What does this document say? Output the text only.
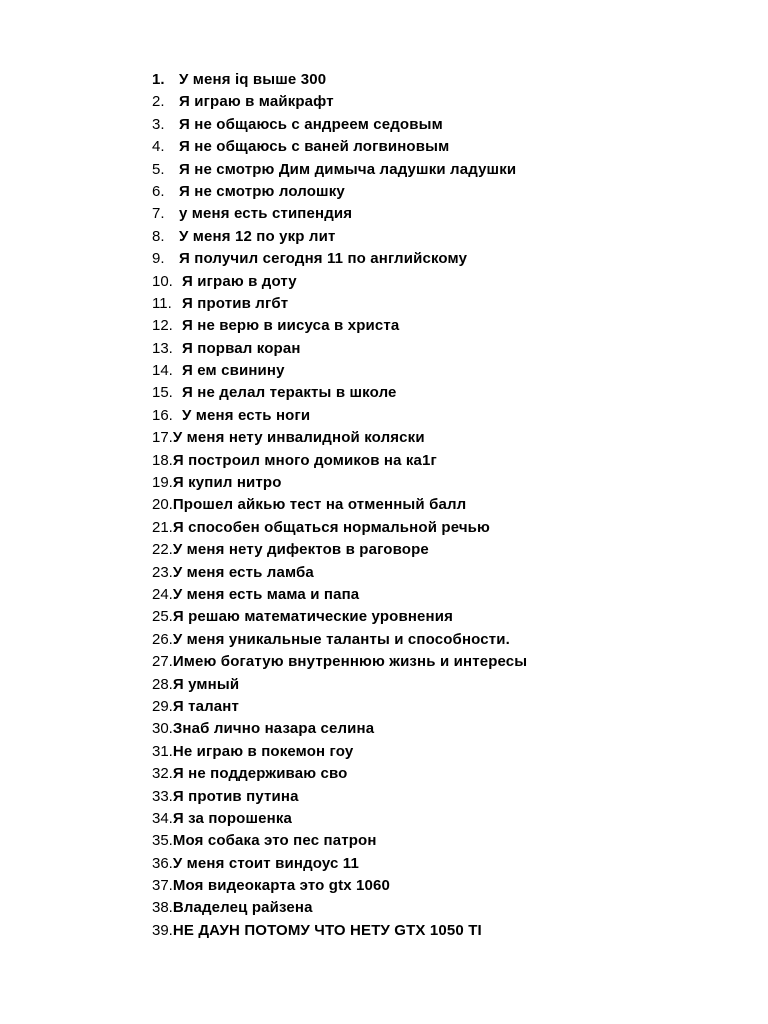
1. У меня iq выше 300
2. Я играю в майкрафт
3. Я не общаюсь с андреем седовым
4. Я не общаюсь с ваней логвиновым
5. Я не смотрю Дим димыча ладушки ладушки
6. Я не смотрю лолошку
7. у меня есть стипендия
8. У меня 12 по укр лит
9. Я получил сегодня 11 по английскому
10. Я играю в доту
11. Я против лгбт
12. Я не верю в иисуса в христа
13. Я порвал коран
14. Я ем свинину
15. Я не делал теракты в школе
16. У меня есть ноги
17. У меня нету инвалидной коляски
18. Я построил много домиков на ка1г
19. Я купил нитро
20. Прошел айкью тест на отменный балл
21. Я способен общаться нормальной речью
22. У меня нету дифектов в раговоре
23. У меня есть ламба
24. У меня есть мама и папа
25. Я решаю математические уровнения
26. У меня уникальные таланты и способности.
27. Имею богатую внутреннюю жизнь и интересы
28. Я умный
29. Я талант
30. Знаб лично назара селина
31. Не играю в покемон гоу
32. Я не поддерживаю сво
33. Я против путина
34. Я за порошенка
35. Моя собака это пес патрон
36. У меня стоит виндоус 11
37. Моя видеокарта это gtx 1060
38. Владелец райзена
39. НЕ ДАУН ПОТОМУ ЧТО НЕТУ GTX 1050 TI
